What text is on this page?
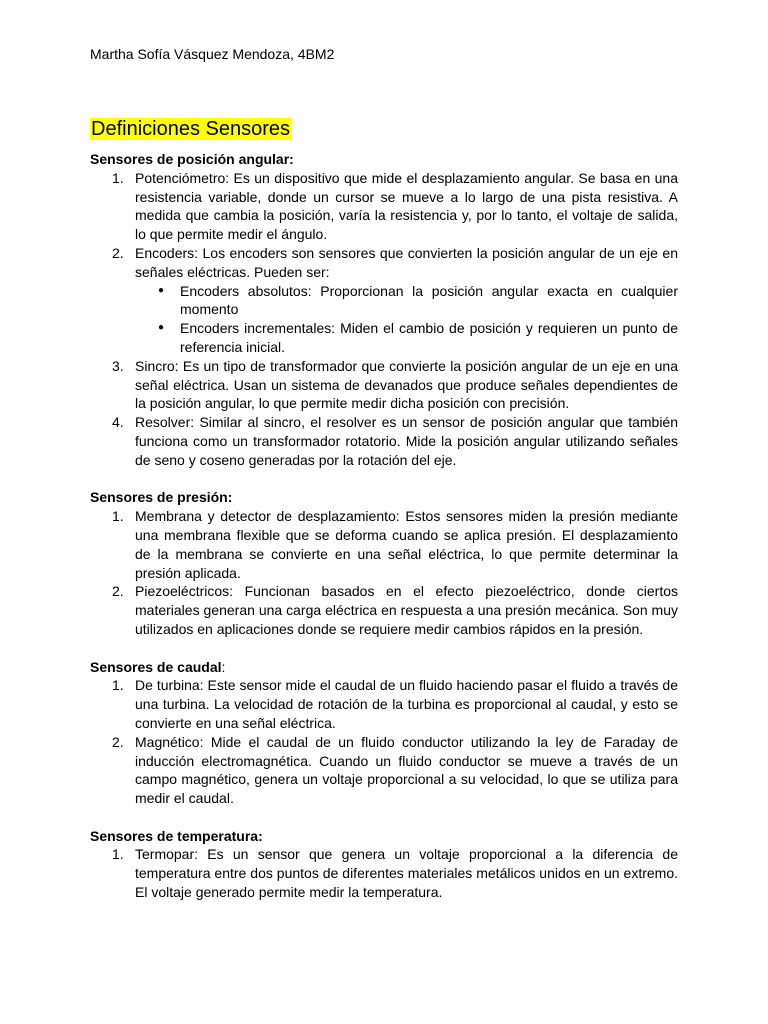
Martha Sofía Vásquez Mendoza, 4BM2
Definiciones Sensores

Sensores de posición angular:

1. Potenciómetro: Es un dispositivo que mide el desplazamiento angular. Se basa en una resistencia variable, donde un cursor se mueve a lo largo de una pista resistiva. A medida que cambia la posición, varía la resistencia y, por lo tanto, el voltaje de salida, lo que permite medir el ángulo.
2. Encoders: Los encoders son sensores que convierten la posición angular de un eje en señales eléctricas. Pueden ser:
● Encoders absolutos: Proporcionan la posición angular exacta en cualquier momento
● Encoders incrementales: Miden el cambio de posición y requieren un punto de referencia inicial.
3. Sincro: Es un tipo de transformador que convierte la posición angular de un eje en una señal eléctrica. Usan un sistema de devanados que produce señales dependientes de la posición angular, lo que permite medir dicha posición con precisión.
4. Resolver: Similar al sincro, el resolver es un sensor de posición angular que también funciona como un transformador rotatorio. Mide la posición angular utilizando señales de seno y coseno generadas por la rotación del eje.

Sensores de presión:

1. Membrana y detector de desplazamiento: Estos sensores miden la presión mediante una membrana flexible que se deforma cuando se aplica presión. El desplazamiento de la membrana se convierte en una señal eléctrica, lo que permite determinar la presión aplicada.
2. Piezoeléctricos: Funcionan basados en el efecto piezoeléctrico, donde ciertos materiales generan una carga eléctrica en respuesta a una presión mecánica. Son muy utilizados en aplicaciones donde se requiere medir cambios rápidos en la presión.

Sensores de caudal:

1. De turbina: Este sensor mide el caudal de un fluido haciendo pasar el fluido a través de una turbina. La velocidad de rotación de la turbina es proporcional al caudal, y esto se convierte en una señal eléctrica.
2. Magnético: Mide el caudal de un fluido conductor utilizando la ley de Faraday de inducción electromagnética. Cuando un fluido conductor se mueve a través de un campo magnético, genera un voltaje proporcional a su velocidad, lo que se utiliza para medir el caudal.

Sensores de temperatura:

1. Termopar: Es un sensor que genera un voltaje proporcional a la diferencia de temperatura entre dos puntos de diferentes materiales metálicos unidos en un extremo. El voltaje generado permite medir la temperatura.
